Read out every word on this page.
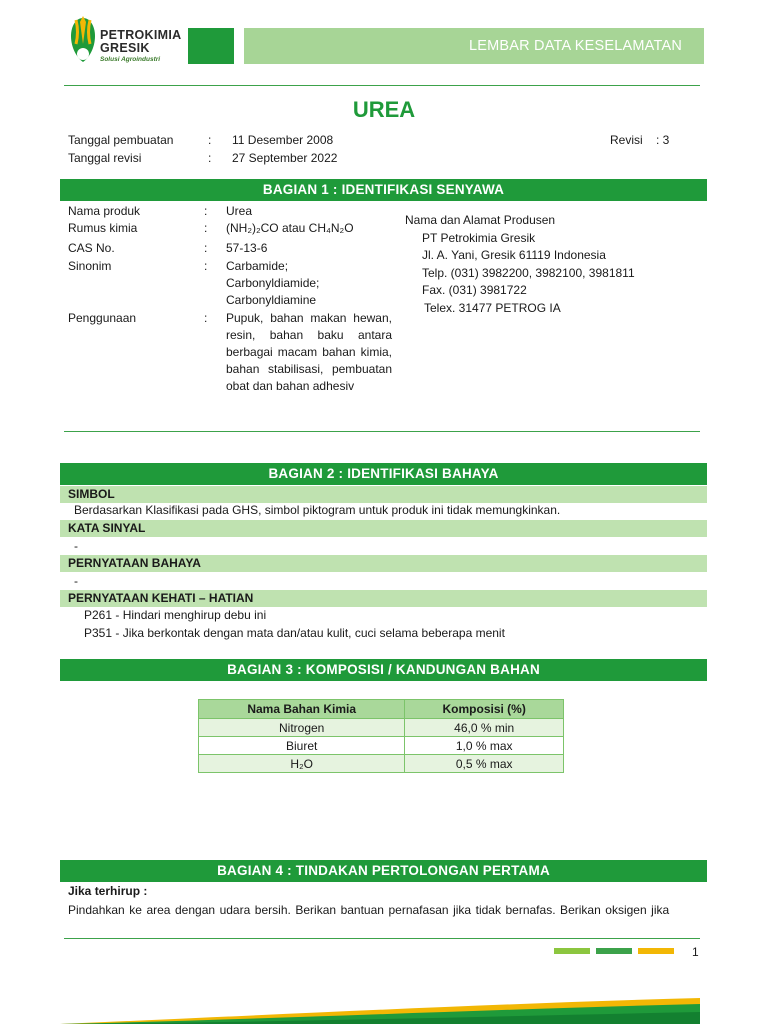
PETROKIMIA
GRESIK
Solusi Agroindustri
LEMBAR DATA KESELAMATAN
UREA
Tanggal pembuatan	: 11 Desember 2008
Tanggal revisi	: 27 September 2022
Revisi : 3
BAGIAN 1 : IDENTIFIKASI SENYAWA
Nama produk	: Urea
Rumus kimia	: (NH₂)₂CO atau CH₄N₂O
CAS No.	: 57-13-6
Sinonim	: Carbamide;
Carbonyldiamide;
Carbonyldiamine
Penggunaan	: Pupuk, bahan makan hewan, resin, bahan baku antara berbagai macam bahan kimia, bahan stabilisasi, pembuatan obat dan bahan adhesiv
Nama dan Alamat Produsen
PT Petrokimia Gresik
Jl. A. Yani, Gresik 61119 Indonesia
Telp. (031) 3982200, 3982100, 3981811
Fax. (031) 3981722
Telex. 31477 PETROG IA
BAGIAN 2 : IDENTIFIKASI BAHAYA
SIMBOL
Berdasarkan Klasifikasi pada GHS, simbol piktogram untuk produk ini tidak memungkinkan.
KATA SINYAL
-
PERNYATAAN BAHAYA
-
PERNYATAAN KEHATI – HATIAN
P261 - Hindari menghirup debu ini
P351 - Jika berkontak dengan mata dan/atau kulit, cuci selama beberapa menit
BAGIAN 3 : KOMPOSISI / KANDUNGAN BAHAN
Nama Bahan Kimia	Komposisi (%)
Nitrogen	46,0 % min
Biuret	1,0 % max
H₂O	0,5 % max
BAGIAN 4 : TINDAKAN PERTOLONGAN PERTAMA
Jika terhirup :
Pindahkan ke area dengan udara bersih. Berikan bantuan pernafasan jika tidak bernafas. Berikan oksigen jika
1
